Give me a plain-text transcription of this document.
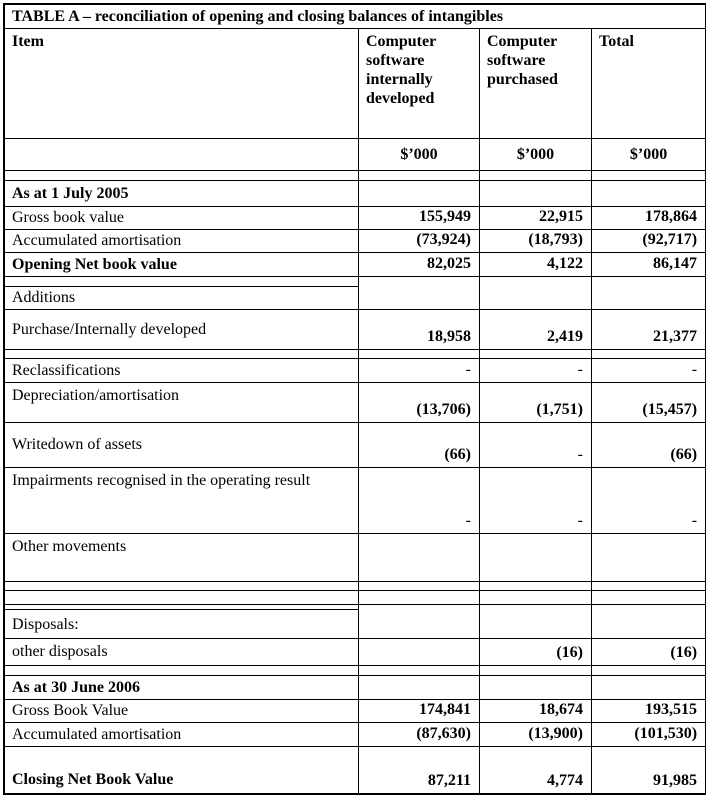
TABLE A – reconciliation of opening and closing balances of intangibles			
Item	Computer software internally developed	Computer software purchased	Total
	$’000	$’000	$’000

As at 1 July 2005			
Gross book value	155,949	22,915	178,864
Accumulated amortisation	(73,924)	(18,793)	(92,717)
Opening Net book value	82,025	4,122	86,147

Additions			
Purchase/Internally developed	18,958	2,419	21,377

Reclassifications	-	-	-
Depreciation/amortisation	(13,706)	(1,751)	(15,457)
Writedown of assets	(66)	-	(66)

Impairments recognised in the operating result	-	-	-
Other movements			

Disposals:			
other disposals		(16)	(16)

As at 30 June 2006			
Gross Book Value	174,841	18,674	193,515
Accumulated amortisation	(87,630)	(13,900)	(101,530)
Closing Net Book Value	87,211	4,774	91,985
